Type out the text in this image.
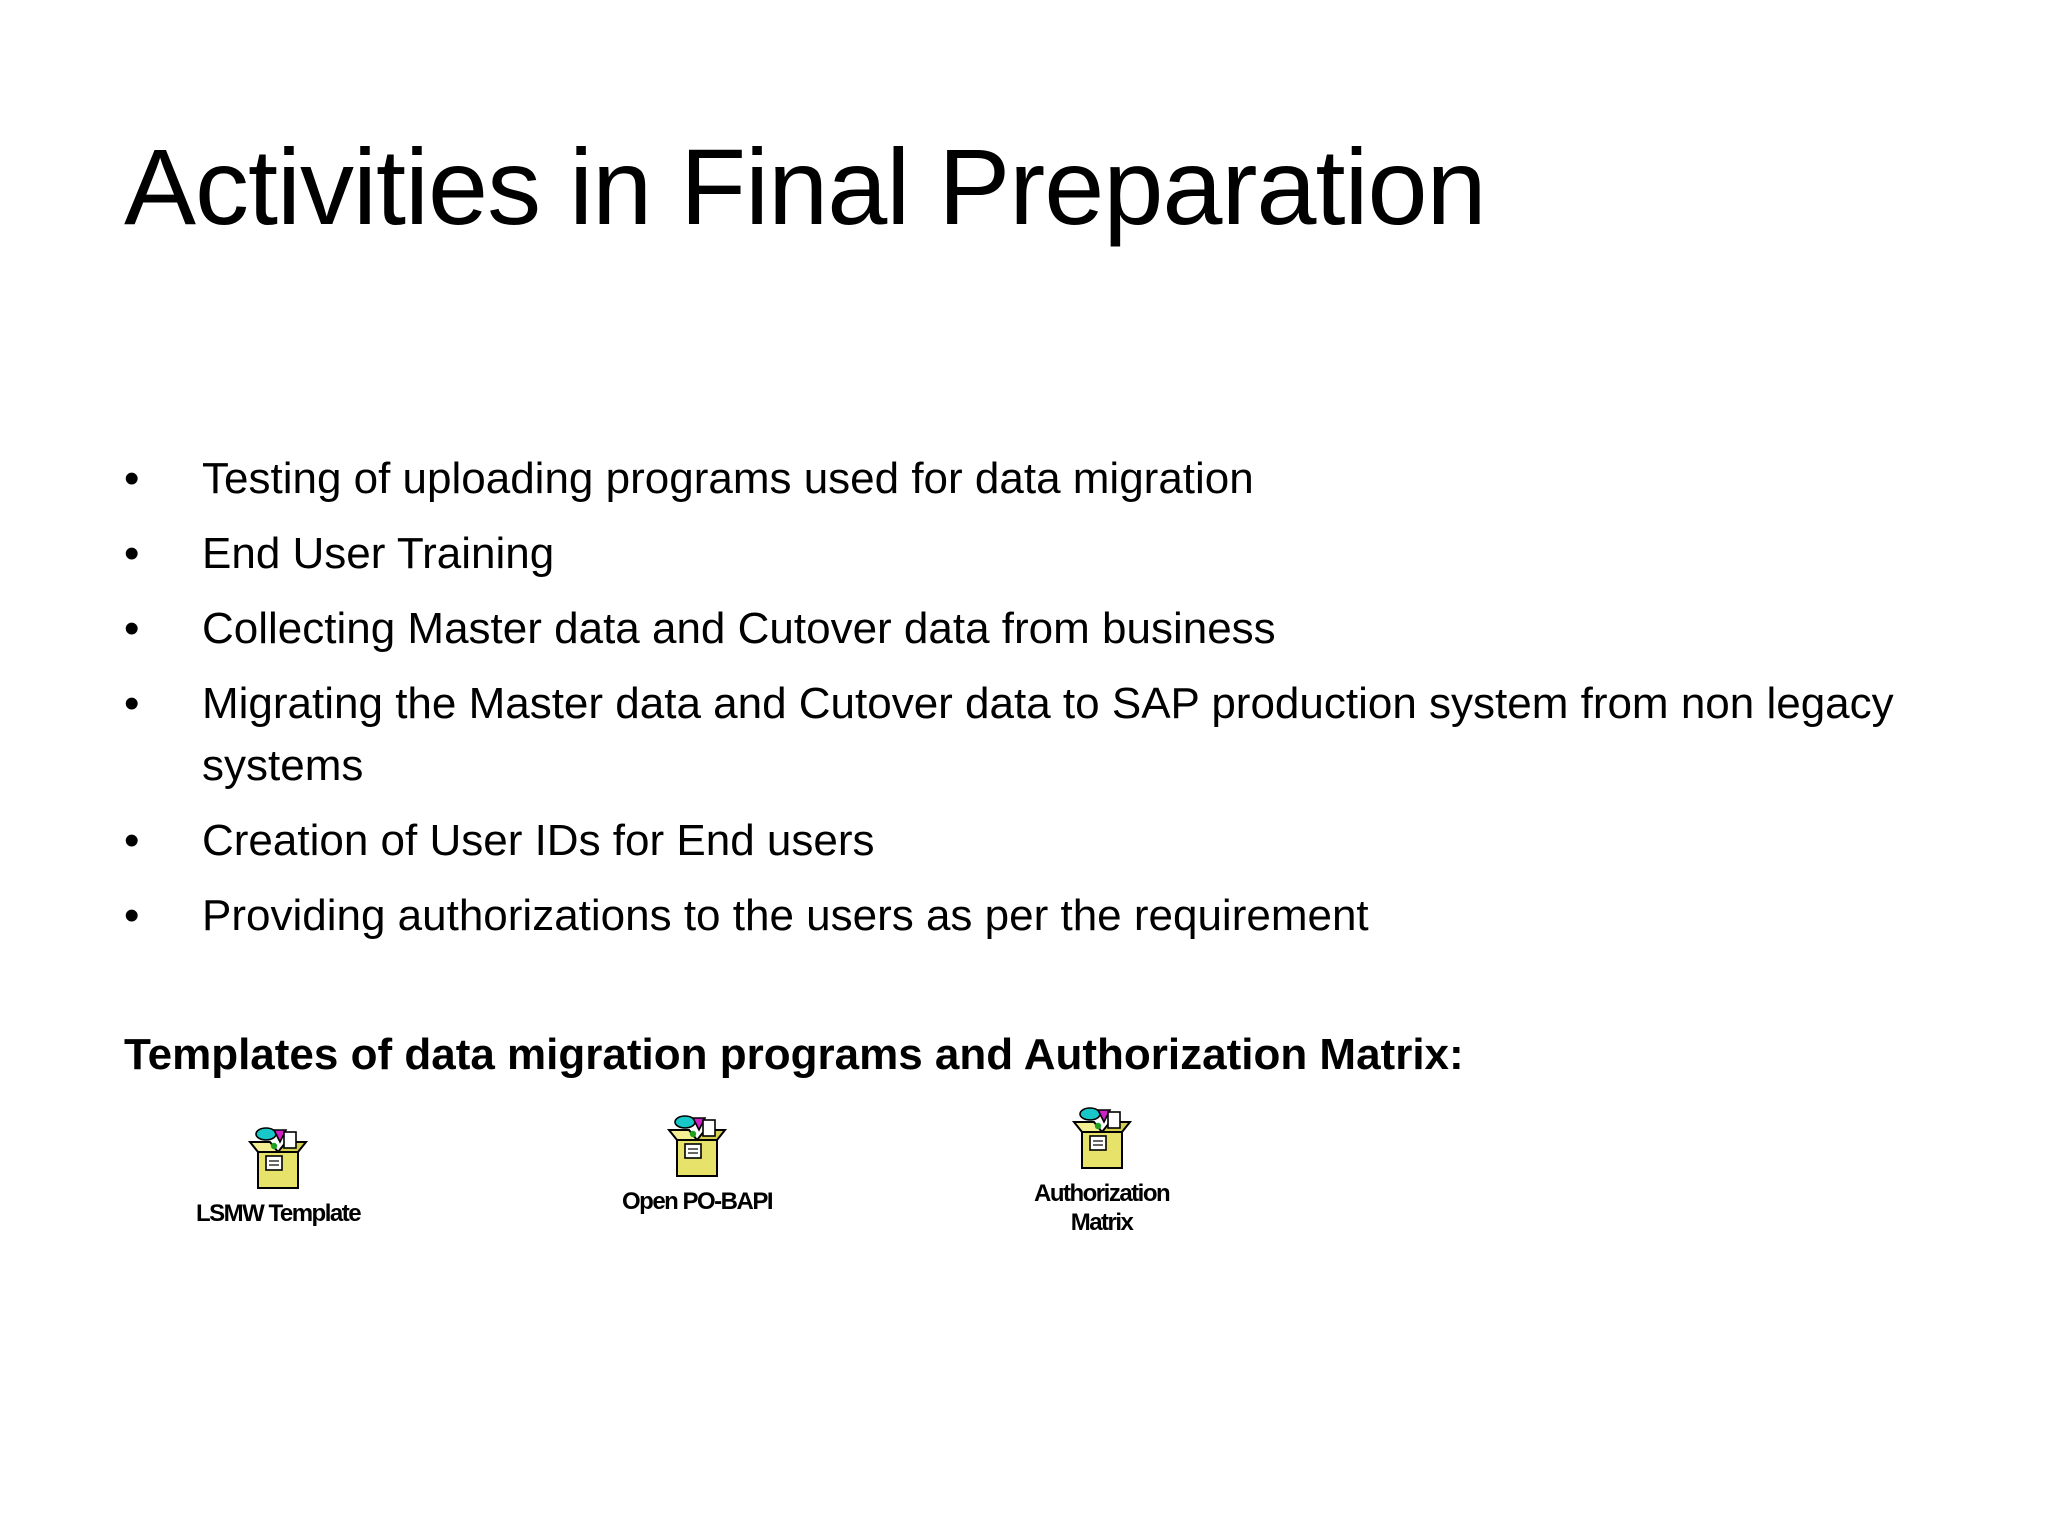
Activities in Final Preparation
•	Testing of uploading programs used for data migration
•	End User Training
•	Collecting Master data and Cutover data from business
•	Migrating the Master data and Cutover data to SAP production system from non legacy systems
•	Creation of User IDs for End users
•	Providing authorizations to the users as per the requirement

Templates of data migration programs and Authorization Matrix:

LSMW Template	Open PO-BAPI	Authorization
Matrix
